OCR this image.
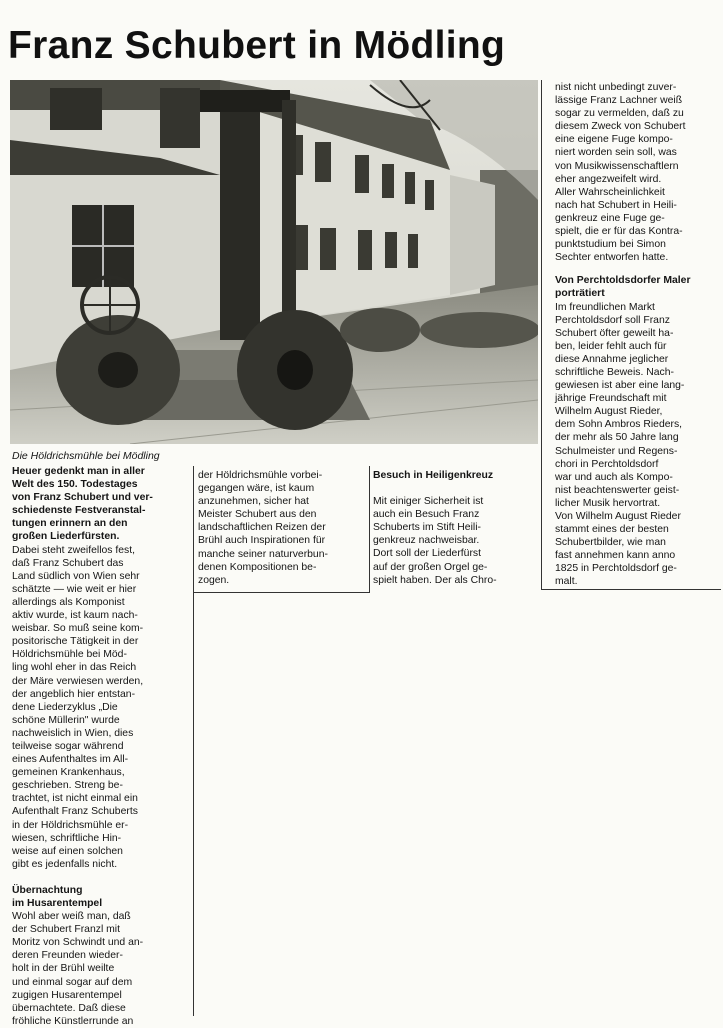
Franz Schubert in Mödling

Die Höldrichsmühle bei Mödling

Heuer gedenkt man in aller

Welt des 150. Todestages

von Franz Schubert und ver-

schiedenste Festveranstal-

tungen erinnern an den

großen Liederfürsten.

Dabei steht zweifellos fest,

daß Franz Schubert das

Land südlich von Wien sehr

schätzte — wie weit er hier

allerdings als Komponist

aktiv wurde, ist kaum nach-

weisbar. So muß seine kom-

positorische Tätigkeit in der

Höldrichsmühle bei Möd-

ling wohl eher in das Reich

der Märe verwiesen werden,

der angeblich hier entstan-

dene Liederzyklus „Die

schöne Müllerin" wurde

nachweislich in Wien, dies

teilweise sogar während

eines Aufenthaltes im All-

gemeinen Krankenhaus,

geschrieben. Streng be-

trachtet, ist nicht einmal ein

Aufenthalt Franz Schuberts

in der Höldrichsmühle er-

wiesen, schriftliche Hin-

weise auf einen solchen

gibt es jedenfalls nicht.

Übernachtung
im Husarentempel

Wohl aber weiß man, daß

der Schubert Franzl mit

Moritz von Schwindt und an-

deren Freunden wieder-

holt in der Brühl weilte

und einmal sogar auf dem

zugigen Husarentempel

übernachtete. Daß diese

fröhliche Künstlerrunde an

der Höldrichsmühle vorbei-

gegangen wäre, ist kaum

anzunehmen, sicher hat

Meister Schubert aus den

landschaftlichen Reizen der

Brühl auch Inspirationen für

manche seiner naturverbun-

denen Kompositionen be-

zogen.

Besuch in Heiligenkreuz

Mit einiger Sicherheit ist

auch ein Besuch Franz

Schuberts im Stift Heili-

genkreuz nachweisbar.

Dort soll der Liederfürst

auf der großen Orgel ge-

spielt haben. Der als Chro-

nist nicht unbedingt zuver-

lässige Franz Lachner weiß

sogar zu vermelden, daß zu

diesem Zweck von Schubert

eine eigene Fuge kompo-

niert worden sein soll, was

von Musikwissenschaftlern

eher angezweifelt wird.

Aller Wahrscheinlichkeit

nach hat Schubert in Heili-

genkreuz eine Fuge ge-

spielt, die er für das Kontra-

punktstudium bei Simon

Sechter entworfen hatte.

Von Perchtoldsdorfer Maler
porträtiert

Im freundlichen Markt

Perchtoldsdorf soll Franz

Schubert öfter geweilt ha-

ben, leider fehlt auch für

diese Annahme jeglicher

schriftliche Beweis. Nach-

gewiesen ist aber eine lang-

jährige Freundschaft mit

Wilhelm August Rieder,

dem Sohn Ambros Rieders,

der mehr als 50 Jahre lang

Schulmeister und Regens-

chori in Perchtoldsdorf

war und auch als Kompo-

nist beachtenswerter geist-

licher Musik hervortrat.

Von Wilhelm August Rieder

stammt eines der besten

Schubertbilder, wie man

fast annehmen kann anno

1825 in Perchtoldsdorf ge-

malt.
